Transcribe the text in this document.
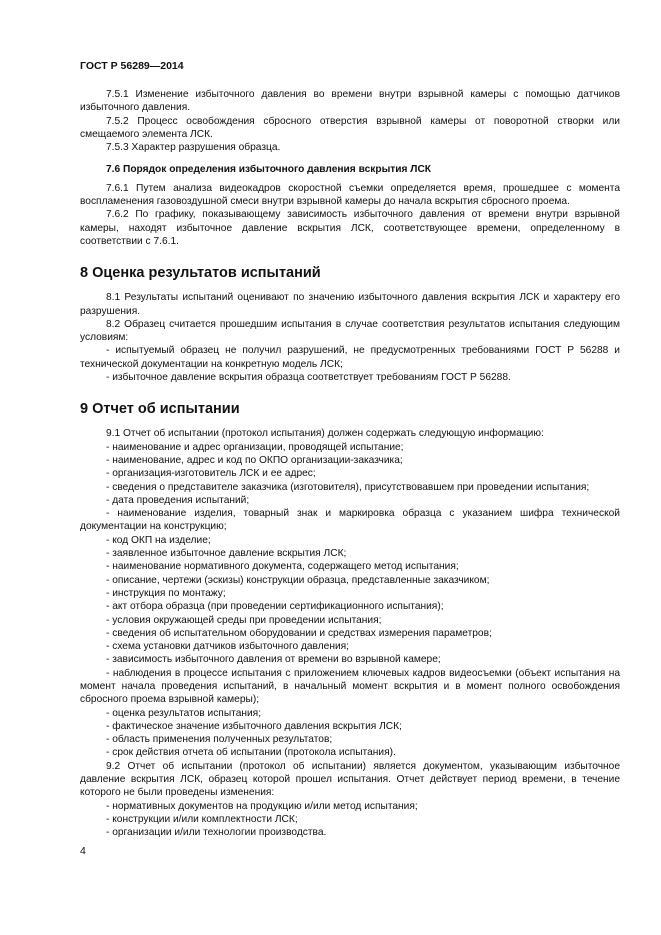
ГОСТ Р 56289—2014

7.5.1 Изменение избыточного давления во времени внутри взрывной камеры с помощью датчиков избыточного давления.

7.5.2 Процесс освобождения сбросного отверстия взрывной камеры от поворотной створки или смещаемого элемента ЛСК.

7.5.3 Характер разрушения образца.

7.6 Порядок определения избыточного давления вскрытия ЛСК

7.6.1 Путем анализа видеокадров скоростной съемки определяется время, прошедшее с момента воспламенения газовоздушной смеси внутри взрывной камеры до начала вскрытия сбросного проема.

7.6.2 По графику, показывающему зависимость избыточного давления от времени внутри взрывной камеры, находят избыточное давление вскрытия ЛСК, соответствующее времени, определенному в соответствии с 7.6.1.

8 Оценка результатов испытаний

8.1 Результаты испытаний оценивают по значению избыточного давления вскрытия ЛСК и характеру его разрушения.

8.2 Образец считается прошедшим испытания в случае соответствия результатов испытания следующим условиям:

- испытуемый образец не получил разрушений, не предусмотренных требованиями ГОСТ Р 56288 и технической документации на конкретную модель ЛСК;

- избыточное давление вскрытия образца соответствует требованиям ГОСТ Р 56288.

9 Отчет об испытании

9.1 Отчет об испытании (протокол испытания) должен содержать следующую информацию:

- наименование и адрес организации, проводящей испытание;

- наименование, адрес и код по ОКПО организации-заказчика;

- организация-изготовитель ЛСК и ее адрес;

- сведения о представителе заказчика (изготовителя), присутствовавшем при проведении испытания;

- дата проведения испытаний;

- наименование изделия, товарный знак и маркировка образца с указанием шифра технической документации на конструкцию;

- код ОКП на изделие;

- заявленное избыточное давление вскрытия ЛСК;

- наименование нормативного документа, содержащего метод испытания;

- описание, чертежи (эскизы) конструкции образца, представленные заказчиком;

- инструкция по монтажу;

- акт отбора образца (при проведении сертификационного испытания);

- условия окружающей среды при проведении испытания;

- сведения об испытательном оборудовании и средствах измерения параметров;

- схема установки датчиков избыточного давления;

- зависимость избыточного давления от времени во взрывной камере;

- наблюдения в процессе испытания с приложением ключевых кадров видеосъемки (объект испытания на момент начала проведения испытаний, в начальный момент вскрытия и в момент полного освобождения сбросного проема взрывной камеры);

- оценка результатов испытания;

- фактическое значение избыточного давления вскрытия ЛСК;

- область применения полученных результатов;

- срок действия отчета об испытании (протокола испытания).

9.2 Отчет об испытании (протокол об испытании) является документом, указывающим избыточное давление вскрытия ЛСК, образец которой прошел испытания. Отчет действует период времени, в течение которого не были проведены изменения:

- нормативных документов на продукцию и/или метод испытания;

- конструкции и/или комплектности ЛСК;

- организации и/или технологии производства.

4
